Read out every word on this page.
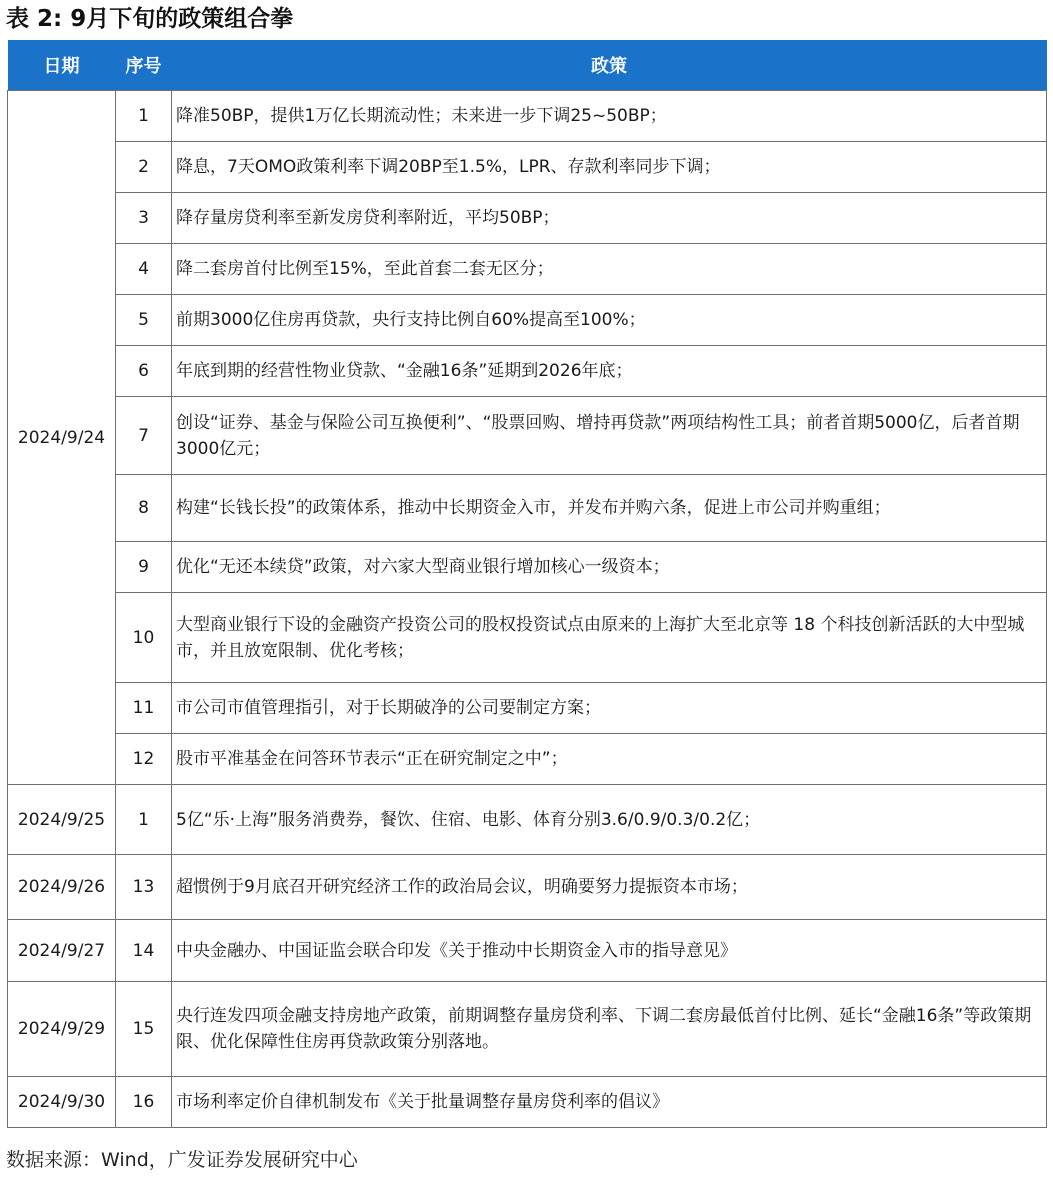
表 2: 9月下旬的政策组合拳
日期	序号	政策
2024/9/24	1	降准50BP，提供1万亿长期流动性；未来进一步下调25~50BP；
	2	降息，7天OMO政策利率下调20BP至1.5%，LPR、存款利率同步下调；
	3	降存量房贷利率至新发房贷利率附近，平均50BP；
	4	降二套房首付比例至15%，至此首套二套无区分；
	5	前期3000亿住房再贷款，央行支持比例自60%提高至100%；
	6	年底到期的经营性物业贷款、“金融16条”延期到2026年底；
	7	创设“证券、基金与保险公司互换便利”、“股票回购、增持再贷款”两项结构性工具；前者首期5000亿，后者首期3000亿元；
	8	构建“长钱长投”的政策体系，推动中长期资金入市，并发布并购六条，促进上市公司并购重组；
	9	优化“无还本续贷”政策，对六家大型商业银行增加核心一级资本；
	10	大型商业银行下设的金融资产投资公司的股权投资试点由原来的上海扩大至北京等 18 个科技创新活跃的大中型城市，并且放宽限制、优化考核；
	11	市公司市值管理指引，对于长期破净的公司要制定方案；
	12	股市平准基金在问答环节表示“正在研究制定之中”；
2024/9/25	1	5亿“乐·上海”服务消费券，餐饮、住宿、电影、体育分别3.6/0.9/0.3/0.2亿；
2024/9/26	13	超惯例于9月底召开研究经济工作的政治局会议，明确要努力提振资本市场；
2024/9/27	14	中央金融办、中国证监会联合印发《关于推动中长期资金入市的指导意见》
2024/9/29	15	央行连发四项金融支持房地产政策，前期调整存量房贷利率、下调二套房最低首付比例、延长“金融16条”等政策期限、优化保障性住房再贷款政策分别落地。
2024/9/30	16	市场利率定价自律机制发布《关于批量调整存量房贷利率的倡议》
数据来源：Wind，广发证券发展研究中心
